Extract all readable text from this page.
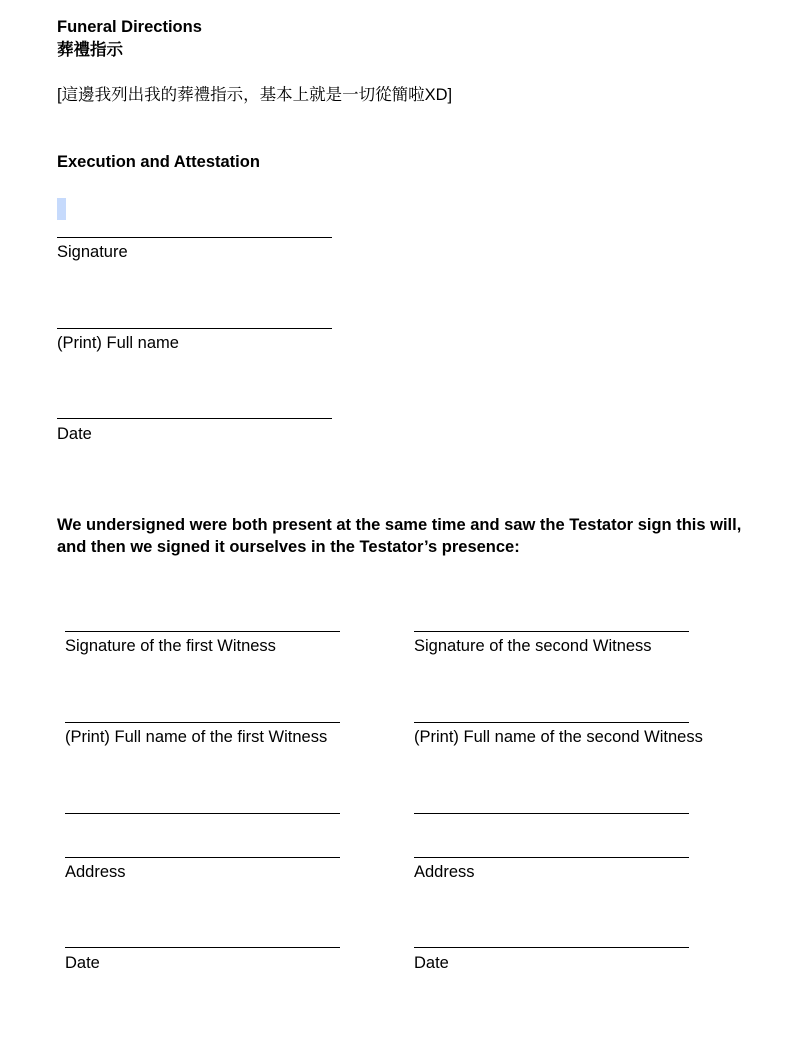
Funeral Directions
葬禮指示
[這邊我列出我的葬禮指示，基本上就是一切從簡啦XD]
Execution and Attestation
Signature
(Print) Full name
Date
We undersigned were both present at the same time and saw the Testator sign this will, and then we signed it ourselves in the Testator’s presence:
Signature of the first Witness
(Print) Full name of the first Witness
Address
Date
Signature of the second Witness
(Print) Full name of the second Witness
Address
Date
